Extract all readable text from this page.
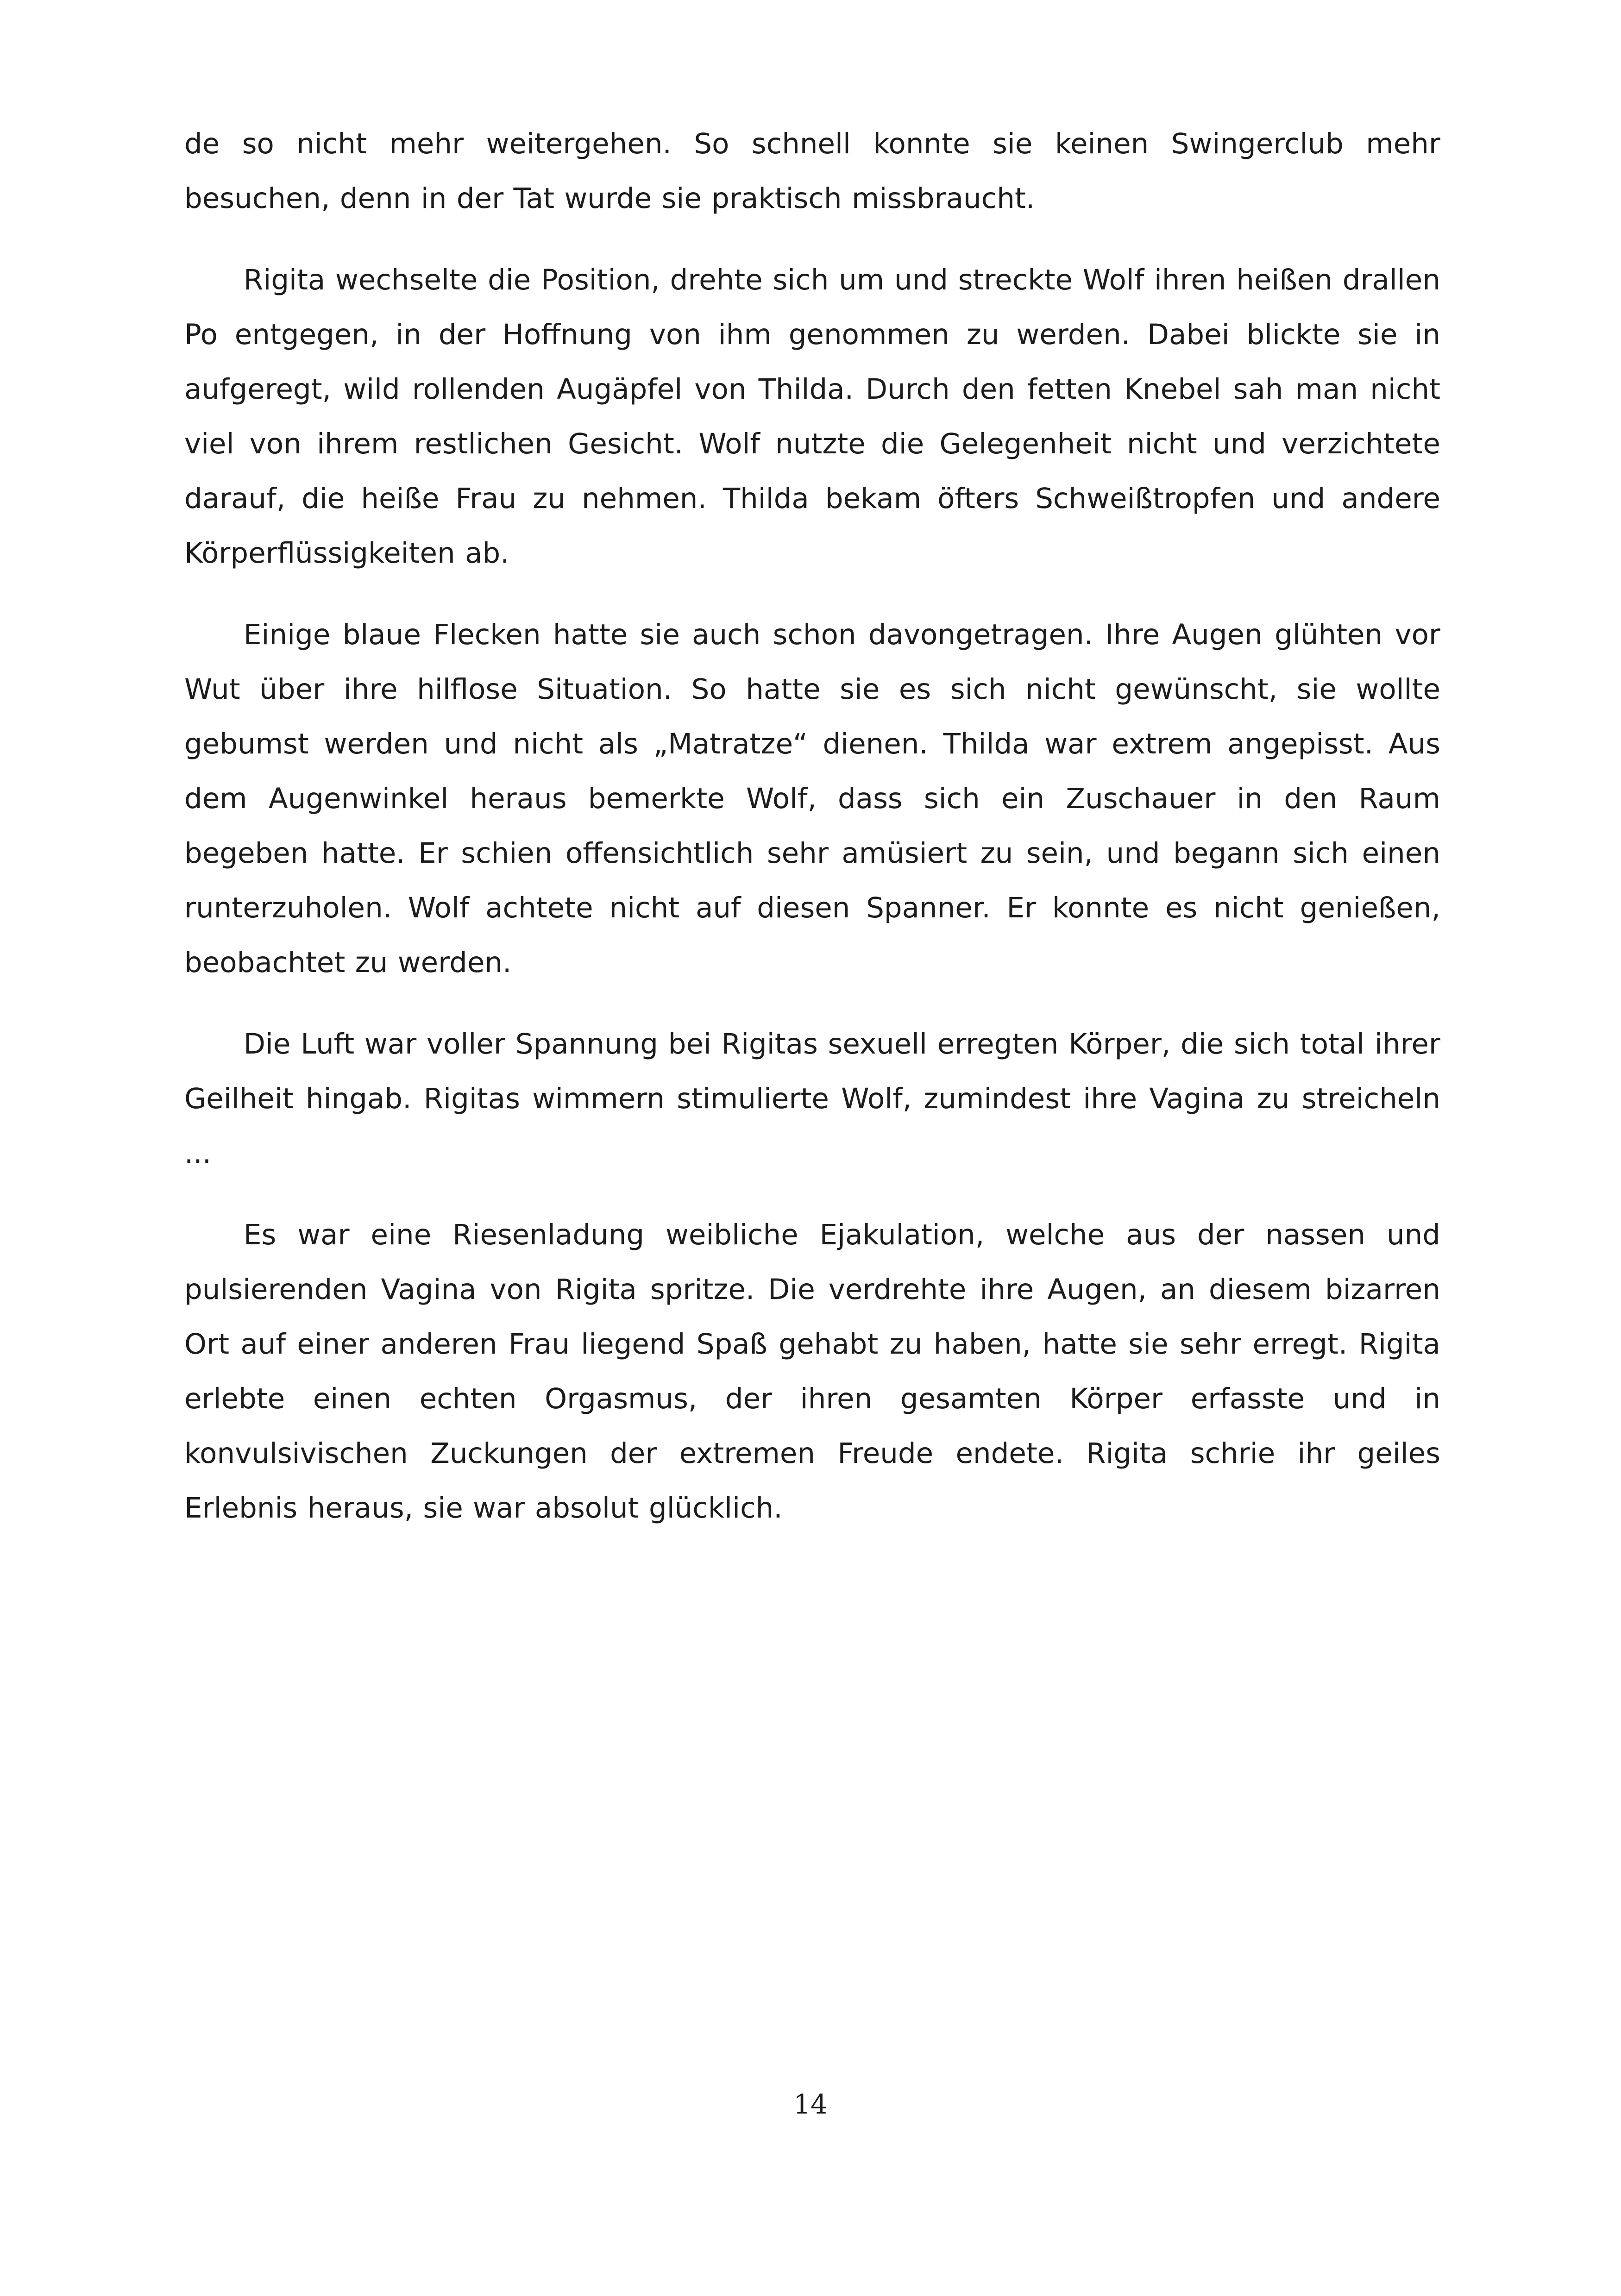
de so nicht mehr weitergehen. So schnell konnte sie keinen Swingerclub mehr besuchen, denn in der Tat wurde sie praktisch missbraucht.

Rigita wechselte die Position, drehte sich um und streckte Wolf ihren heißen drallen Po entgegen, in der Hoffnung von ihm genommen zu werden. Dabei blickte sie in aufgeregt, wild rollenden Augäpfel von Thilda. Durch den fetten Knebel sah man nicht viel von ihrem restlichen Gesicht. Wolf nutzte die Gelegenheit nicht und verzichtete darauf, die heiße Frau zu nehmen. Thilda bekam öfters Schweißtropfen und andere Körperflüssigkeiten ab.

Einige blaue Flecken hatte sie auch schon davongetragen. Ihre Augen glühten vor Wut über ihre hilflose Situation. So hatte sie es sich nicht gewünscht, sie wollte gebumst werden und nicht als „Matratze“ dienen. Thilda war extrem angepisst. Aus dem Augenwinkel heraus bemerkte Wolf, dass sich ein Zuschauer in den Raum begeben hatte. Er schien offensichtlich sehr amüsiert zu sein, und begann sich einen runterzuholen. Wolf achtete nicht auf diesen Spanner. Er konnte es nicht genießen, beobachtet zu werden.

Die Luft war voller Spannung bei Rigitas sexuell erregten Körper, die sich total ihrer Geilheit hingab. Rigitas wimmern stimulierte Wolf, zumindest ihre Vagina zu streicheln ...

Es war eine Riesenladung weibliche Ejakulation, welche aus der nassen und pulsierenden Vagina von Rigita spritze. Die verdrehte ihre Augen, an diesem bizarren Ort auf einer anderen Frau liegend Spaß gehabt zu haben, hatte sie sehr erregt. Rigita erlebte einen echten Orgasmus, der ihren gesamten Körper erfasste und in konvulsivischen Zuckungen der extremen Freude endete. Rigita schrie ihr geiles Erlebnis heraus, sie war absolut glücklich.

14
